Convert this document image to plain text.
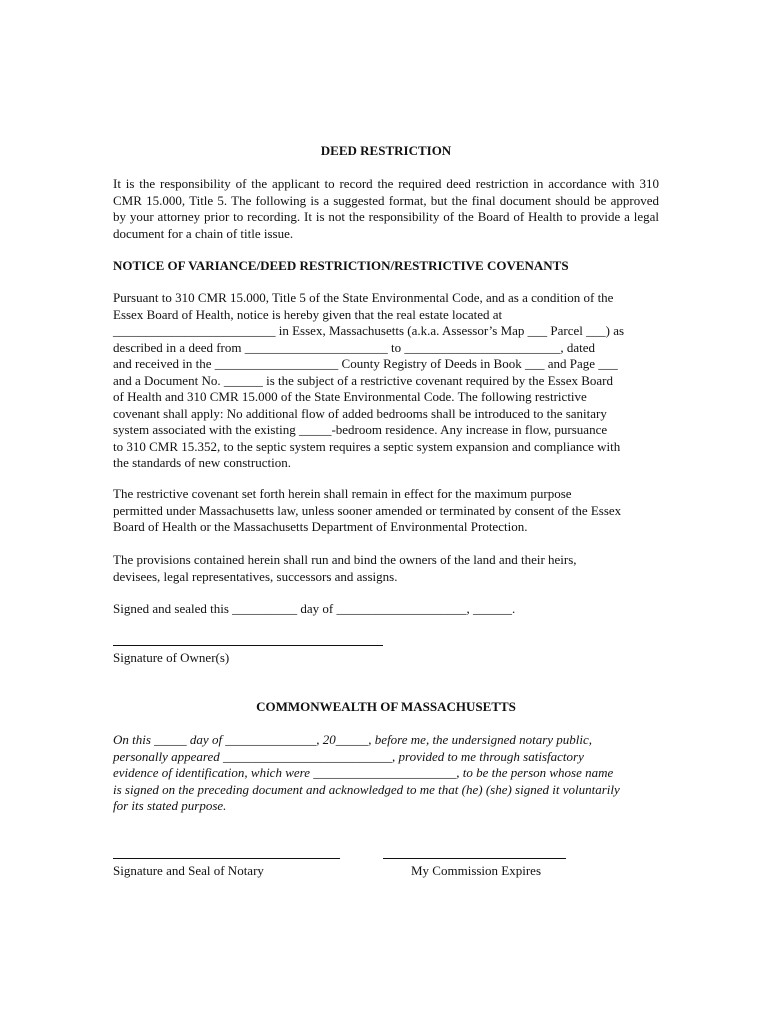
DEED RESTRICTION

It is the responsibility of the applicant to record the required deed restriction in accordance with 310 CMR 15.000, Title 5. The following is a suggested format, but the final document should be approved by your attorney prior to recording. It is not the responsibility of the Board of Health to provide a legal document for a chain of title issue.

NOTICE OF VARIANCE/DEED RESTRICTION/RESTRICTIVE COVENANTS
Pursuant to 310 CMR 15.000, Title 5 of the State Environmental Code, and as a condition of the
Essex Board of Health, notice is hereby given that the real estate located at
_________________________ in Essex, Massachusetts (a.k.a. Assessor’s Map ___ Parcel ___) as
described in a deed from ______________________ to ________________________, dated
and received in the ___________________ County Registry of Deeds in Book ___ and Page ___
and a Document No. ______ is the subject of a restrictive covenant required by the Essex Board
of Health and 310 CMR 15.000 of the State Environmental Code. The following restrictive
covenant shall apply: No additional flow of added bedrooms shall be introduced to the sanitary
system associated with the existing _____-bedroom residence. Any increase in flow, pursuance
to 310 CMR 15.352, to the septic system requires a septic system expansion and compliance with
the standards of new construction.
The restrictive covenant set forth herein shall remain in effect for the maximum purpose
permitted under Massachusetts law, unless sooner amended or terminated by consent of the Essex
Board of Health or the Massachusetts Department of Environmental Protection.
The provisions contained herein shall run and bind the owners of the land and their heirs,
devisees, legal representatives, successors and assigns.
Signed and sealed this __________ day of ____________________, ______.
Signature of Owner(s)
COMMONWEALTH OF MASSACHUSETTS
On this _____ day of ______________, 20_____, before me, the undersigned notary public,
personally appeared __________________________, provided to me through satisfactory
evidence of identification, which were ______________________, to be the person whose name
is signed on the preceding document and acknowledged to me that (he) (she) signed it voluntarily
for its stated purpose.
Signature and Seal of Notary	My Commission Expires
